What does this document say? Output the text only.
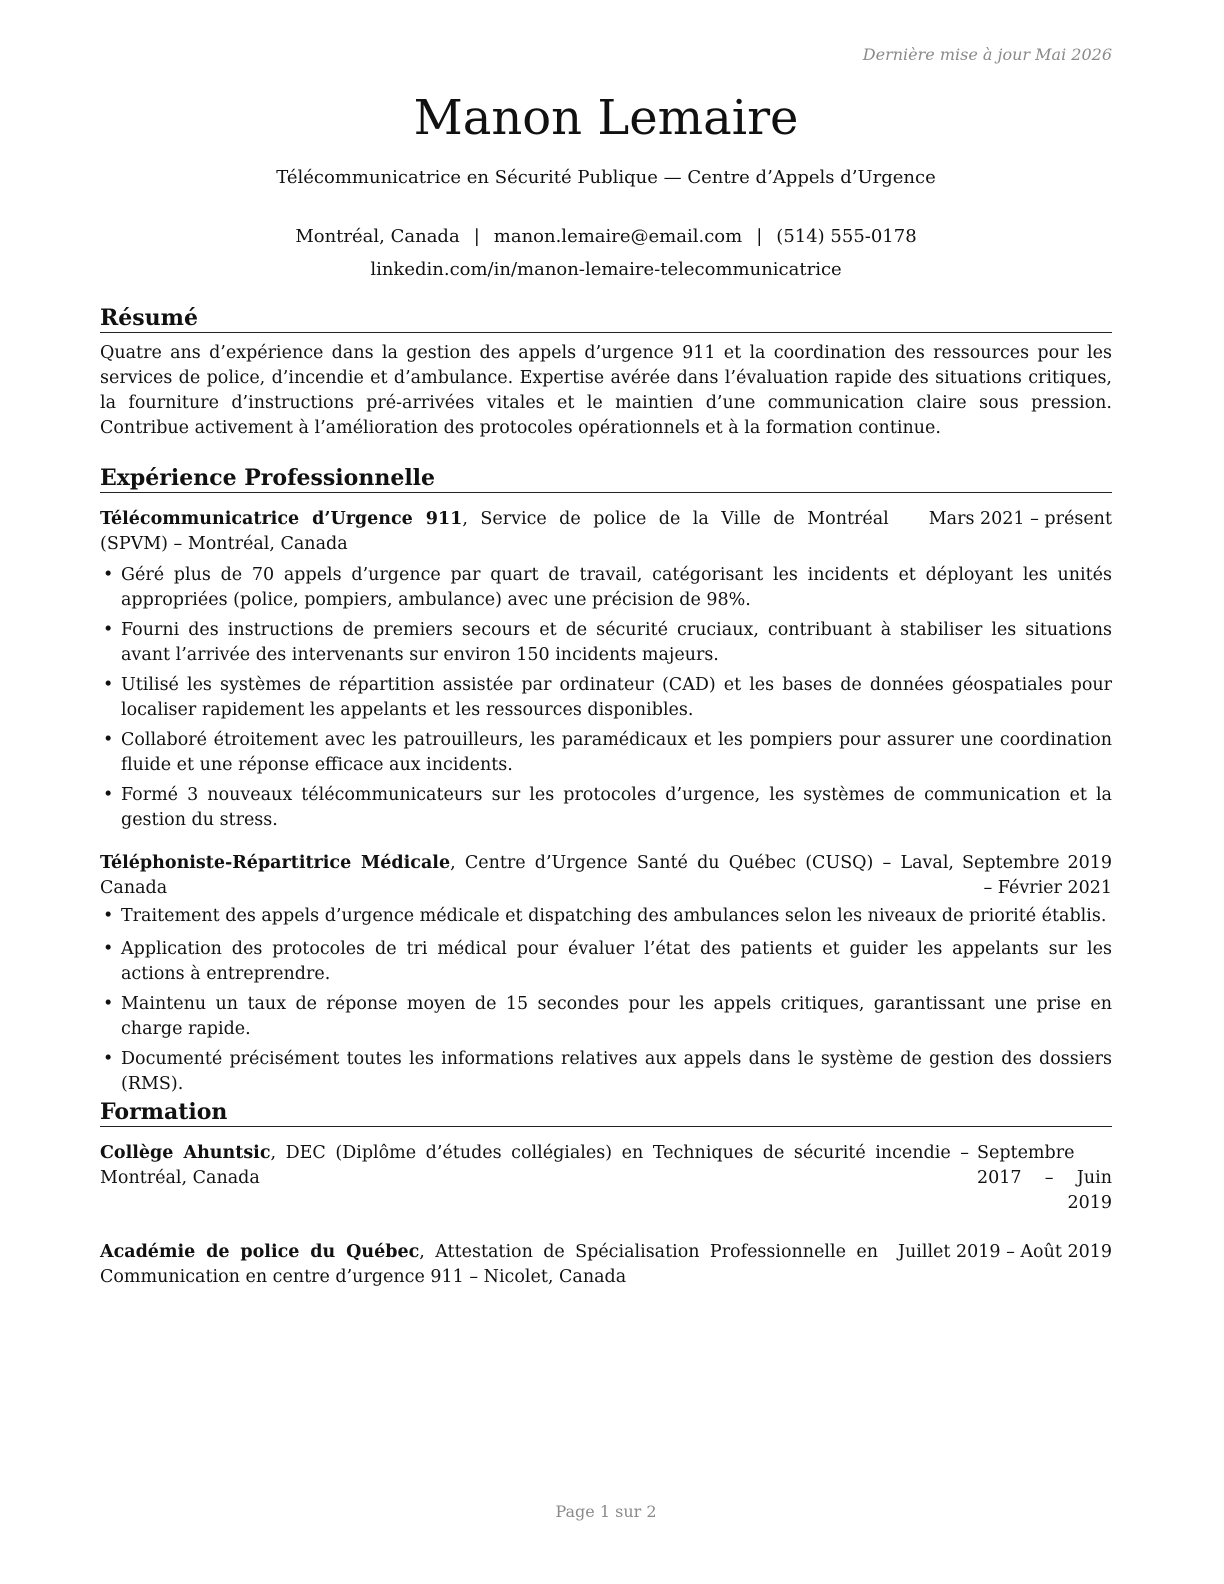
Dernière mise à jour Mai 2026
Manon Lemaire
Télécommunicatrice en Sécurité Publique — Centre d’Appels d’Urgence
Montréal, Canada | manon.lemaire@email.com | (514) 555-0178
linkedin.com/in/manon-lemaire-telecommunicatrice
Résumé

Quatre ans d’expérience dans la gestion des appels d’urgence 911 et la coordination des ressources pour les services de police, d’incendie et d’ambulance. Expertise avérée dans l’évaluation rapide des situations critiques, la fourniture d’instructions pré-arrivées vitales et le maintien d’une communication claire sous pression. Contribue activement à l’amélioration des protocoles opérationnels et à la formation continue.

Expérience Professionnelle
Télécommunicatrice d’Urgence 911, Service de police de la Ville de Montréal (SPVM) – Montréal, Canada
Mars 2021 – présent
• Géré plus de 70 appels d’urgence par quart de travail, catégorisant les incidents et déployant les unités appropriées (police, pompiers, ambulance) avec une précision de 98%.
• Fourni des instructions de premiers secours et de sécurité cruciaux, contribuant à stabiliser les situations avant l’arrivée des intervenants sur environ 150 incidents majeurs.
• Utilisé les systèmes de répartition assistée par ordinateur (CAD) et les bases de données géospatiales pour localiser rapidement les appelants et les ressources disponibles.
• Collaboré étroitement avec les patrouilleurs, les paramédicaux et les pompiers pour assurer une coordination fluide et une réponse efficace aux incidents.
• Formé 3 nouveaux télécommunicateurs sur les protocoles d’urgence, les systèmes de communication et la gestion du stress.
Téléphoniste-Répartitrice Médicale, Centre d’Urgence Santé du Québec (CUSQ) – Laval, Canada
Septembre 2019 – Février 2021
• Traitement des appels d’urgence médicale et dispatching des ambulances selon les niveaux de priorité établis.
• Application des protocoles de tri médical pour évaluer l’état des patients et guider les appelants sur les actions à entreprendre.
• Maintenu un taux de réponse moyen de 15 secondes pour les appels critiques, garantissant une prise en charge rapide.
• Documenté précisément toutes les informations relatives aux appels dans le système de gestion des dossiers (RMS).
Formation
Collège Ahuntsic, DEC (Diplôme d’études collégiales) en Techniques de sécurité incendie – Montréal, Canada
Septembre 2017 – Juin 2019
Académie de police du Québec, Attestation de Spécialisation Professionnelle en Communication en centre d’urgence 911 – Nicolet, Canada
Juillet 2019 – Août 2019
Page 1 sur 2
